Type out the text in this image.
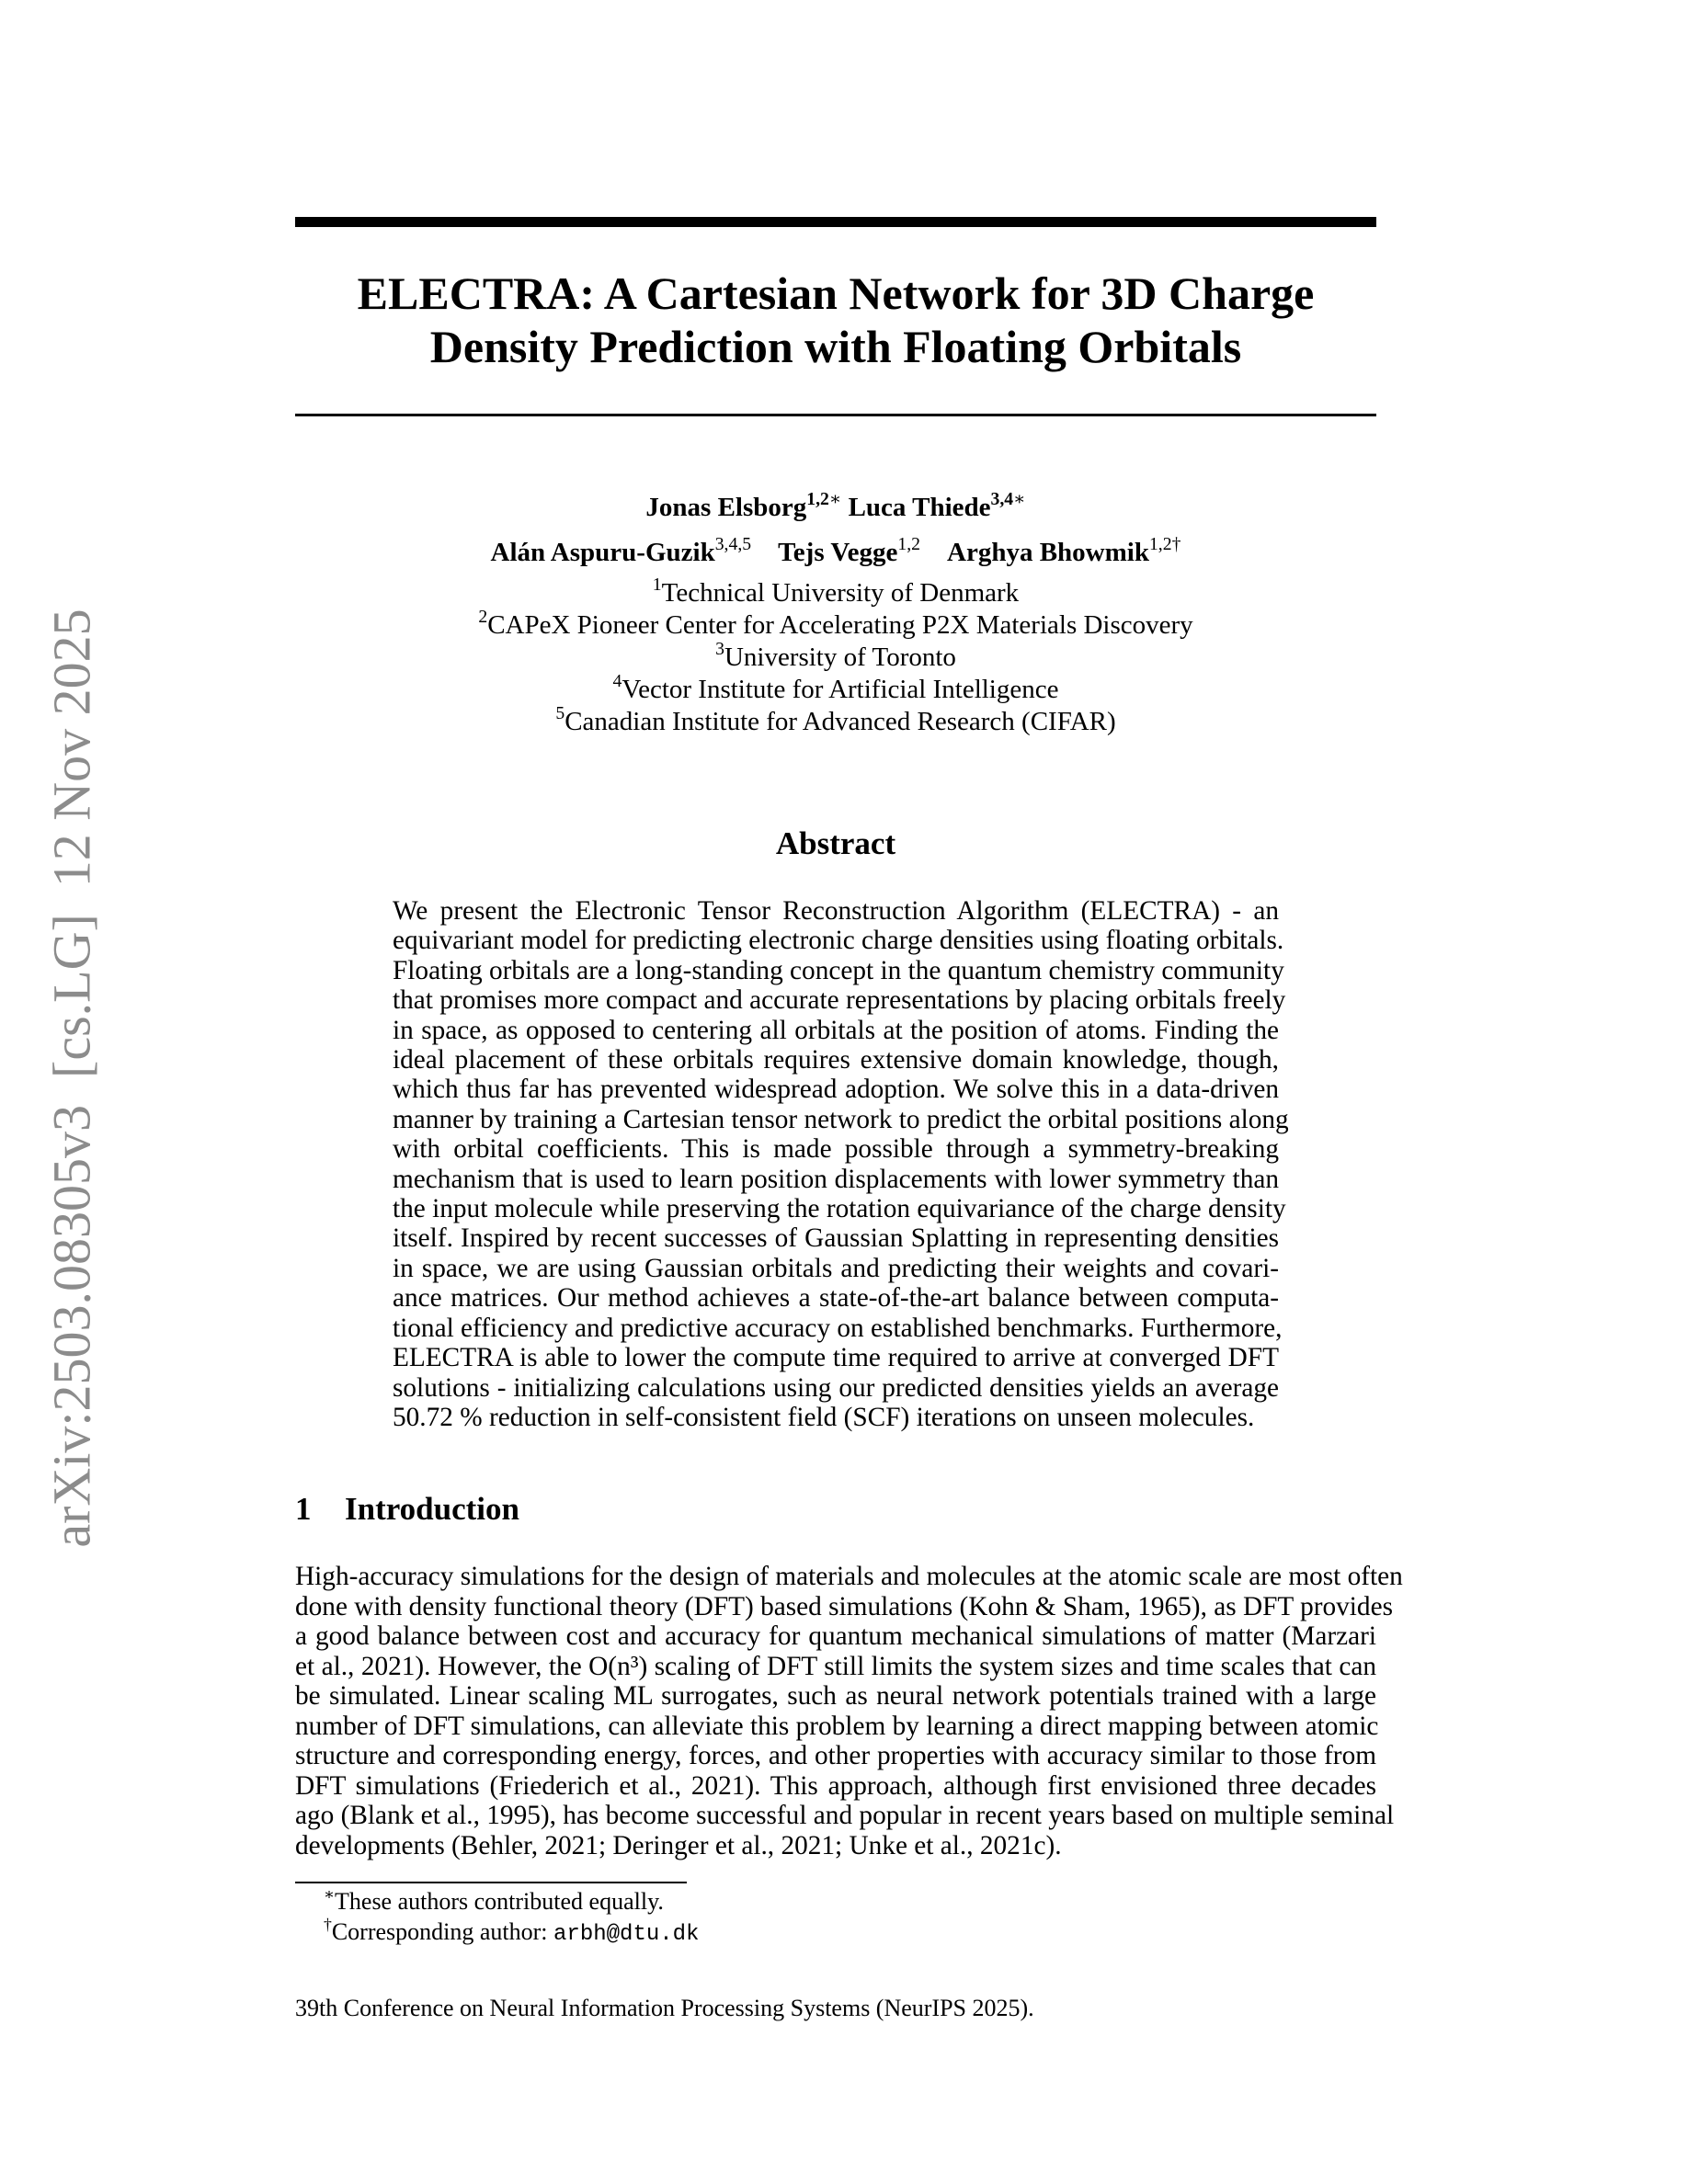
arXiv:2503.08305v3  [cs.LG]  12 Nov 2025
ELECTRA: A Cartesian Network for 3D Charge
Density Prediction with Floating Orbitals
Jonas Elsborg$^{1,2∗}$ Luca Thiede$^{3,4∗}$
Alán Aspuru-Guzik$^{3,4,5}$ Tejs Vegge$^{1,2}$ Arghya Bhowmik$^{1,2\dagger}$
$^1$Technical University of Denmark
$^2$CAPeX Pioneer Center for Accelerating P2X Materials Discovery
$^3$University of Toronto
$^4$Vector Institute for Artificial Intelligence
$^5$Canadian Institute for Advanced Research (CIFAR)
Abstract
We present the Electronic Tensor Reconstruction Algorithm (ELECTRA) - an
equivariant model for predicting electronic charge densities using floating orbitals.
Floating orbitals are a long-standing concept in the quantum chemistry community
that promises more compact and accurate representations by placing orbitals freely
in space, as opposed to centering all orbitals at the position of atoms. Finding the
ideal placement of these orbitals requires extensive domain knowledge, though,
which thus far has prevented widespread adoption. We solve this in a data-driven
manner by training a Cartesian tensor network to predict the orbital positions along
with orbital coefficients. This is made possible through a symmetry-breaking
mechanism that is used to learn position displacements with lower symmetry than
the input molecule while preserving the rotation equivariance of the charge density
itself. Inspired by recent successes of Gaussian Splatting in representing densities
in space, we are using Gaussian orbitals and predicting their weights and covari-
ance matrices. Our method achieves a state-of-the-art balance between computa-
tional efficiency and predictive accuracy on established benchmarks. Furthermore,
ELECTRA is able to lower the compute time required to arrive at converged DFT
solutions - initializing calculations using our predicted densities yields an average
50.72 % reduction in self-consistent field (SCF) iterations on unseen molecules.
1 Introduction
High-accuracy simulations for the design of materials and molecules at the atomic scale are most often
done with density functional theory (DFT) based simulations (Kohn & Sham, 1965), as DFT provides
a good balance between cost and accuracy for quantum mechanical simulations of matter (Marzari
et al., 2021). However, the O(n³) scaling of DFT still limits the system sizes and time scales that can
be simulated. Linear scaling ML surrogates, such as neural network potentials trained with a large
number of DFT simulations, can alleviate this problem by learning a direct mapping between atomic
structure and corresponding energy, forces, and other properties with accuracy similar to those from
DFT simulations (Friederich et al., 2021). This approach, although first envisioned three decades
ago (Blank et al., 1995), has become successful and popular in recent years based on multiple seminal
developments (Behler, 2021; Deringer et al., 2021; Unke et al., 2021c).
∗These authors contributed equally.
†Corresponding author: arbh@dtu.dk
39th Conference on Neural Information Processing Systems (NeurIPS 2025).
